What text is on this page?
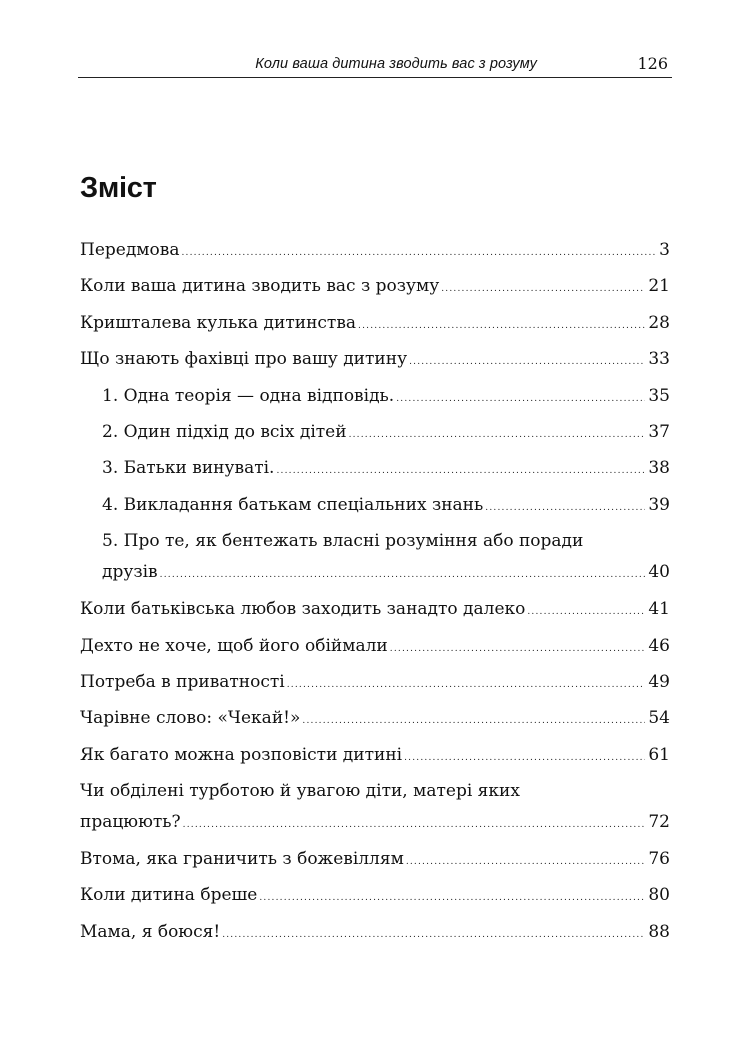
Коли ваша дитина зводить вас з розуму	126
Зміст
Передмова .....	3
Коли ваша дитина зводить вас з розуму .....	21
Кришталева кулька дитинства .....	28
Що знають фахівці про вашу дитину .....	33
1. Одна теорія — одна відповідь. .....	35
2. Один підхід до всіх дітей .....	37
3. Батьки винуваті. .....	38
4. Викладання батькам спеціальних знань .....	39
5. Про те, як бентежать власні розуміння або поради
друзів .....	40
Коли батьківська любов заходить занадто далеко .....	41
Дехто не хоче, щоб його обіймали .....	46
Потреба в приватності .....	49
Чарівне слово: «Чекай!» .....	54
Як багато можна розповісти дитині .....	61
Чи обділені турботою й увагою діти, матері яких
працюють? .....	72
Втома, яка граничить з божевіллям .....	76
Коли дитина бреше .....	80
Мама, я боюся! .....	88
